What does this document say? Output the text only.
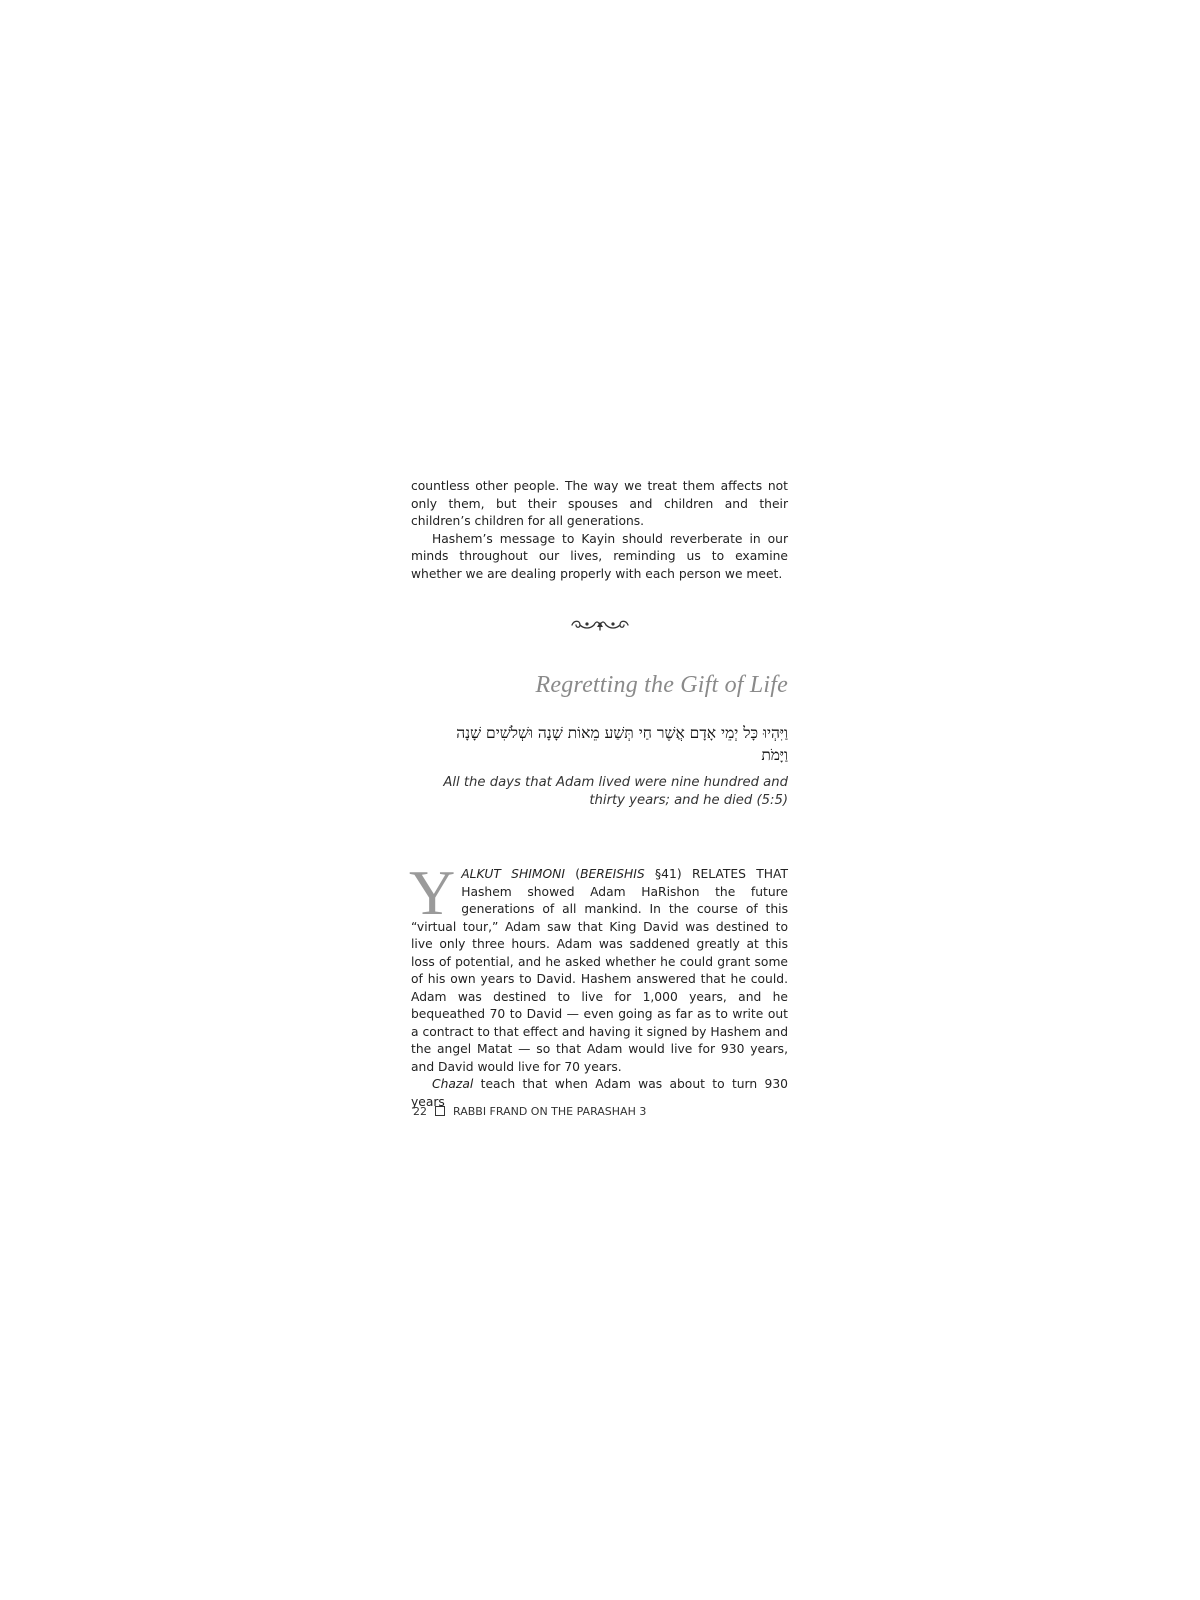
countless other people. The way we treat them affects not only them, but their spouses and children and their children’s children for all generations.

Hashem’s message to Kayin should reverberate in our minds throughout our lives, reminding us to examine whether we are dealing properly with each person we meet.

Regretting the Gift of Life

וַיִּהְיוּ כָּל יְמֵי אָדָם אֲשֶׁר חַי תְּשַׁע מֵאוֹת שָׁנָה וּשְׁלֹשִׁים שָׁנָה וַיָּמֹת

All the days that Adam lived were nine hundred and thirty years; and he died (5:5)

YALKUT SHIMONI (BEREISHIS §41) RELATES THAT Hashem showed Adam HaRishon the future generations of all mankind. In the course of this “virtual tour,” Adam saw that King David was destined to live only three hours. Adam was saddened greatly at this loss of potential, and he asked whether he could grant some of his own years to David. Hashem answered that he could. Adam was destined to live for 1,000 years, and he bequeathed 70 to David — even going as far as to write out a contract to that effect and having it signed by Hashem and the angel Matat — so that Adam would live for 930 years, and David would live for 70 years.

Chazal teach that when Adam was about to turn 930 years

22 RABBI FRAND ON THE PARASHAH 3
